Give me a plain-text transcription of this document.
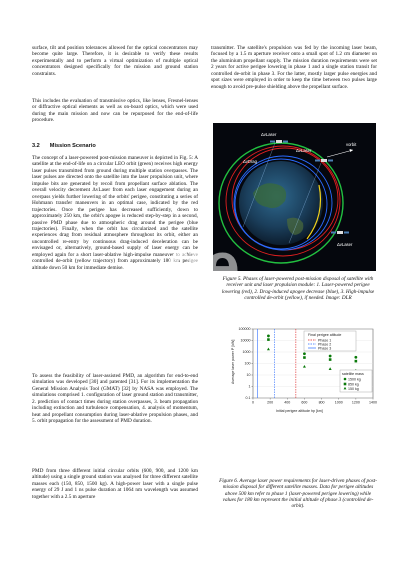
surface, tilt and position tolerances allowed for the optical concentrators may become quite large. Therefore, it is desirable to verify these results experimentally and to perform a virtual optimization of multiple optical concentrators designed specifically for the mission and ground station constraints.

This includes the evaluation of transmissive optics, like lenses, Fresnel-lenses or diffractive optical elements as well as on-board optics, which were used during the main mission and now can be repurposed for the end-of-life procedure.

The concept of a laser-powered post-mission maneuver is depicted in Fig. 5: A satellite at the end-of-life on a circular LEO orbit (green) receives high energy laser pulses transmitted from ground during multiple station overpasses. The laser pulses are directed onto the satellite into the laser propulsion unit, where impulse bits are generated by recoil from propellant surface ablation. The overall velocity decrement ΔvLaser from each laser engagement during an overpass yields further lowering of the orbits' perigee, constituting a series of Hohmann transfer maneuvers in an optimal case, indicated by the red trajectories. Once the perigee has decreased sufficiently, down to approximately 250 km, the orbit's apogee is reduced step-by-step in a second, passive PMD phase due to atmospheric drag around the perigee (blue trajectories). Finally, when the orbit has circularized and the satellite experiences drag from residual atmosphere throughout its orbit, either an uncontrolled re-entry by continuous drag-induced deceleration can be envisaged or, alternatively, ground-based supply of laser energy can be employed again for a short laser-ablative high-impulse maneuver to achieve controlled de-orbit (yellow trajectory) from approximately 180 km perigee altitude down 50 km for immediate demise.

To assess the feasibility of laser-assisted PMD, an algorithm for end-to-end simulation was developed [30] and patented [31]. For its implementation the General Mission Analysis Tool (GMAT) [32] by NASA was employed. The simulations comprised 1. configuration of laser ground station and transmitter, 2. prediction of contact times during station overpasses, 3. beam propagation including extinction and turbulence compensation, 4. analysis of momentum, heat and propellant consumption during laser-ablative propulsion phases, and 5. orbit propagation for the assessment of PMD duration.

PMD from three different initial circular orbits (600, 900, and 1200 km altitude) using a single ground station was analysed for three different satellite masses each (150, 850, 1500 kg). A high-power laser with a single pulse energy of 29 J and 1 ns pulse duration at 1064 nm wavelength was assumed together with a 2.5 m aperture

3.2 Mission Scenario

transmitter. The satellite's propulsion was fed by the incoming laser beam, focused by a 1.5 m aperture receiver onto a small spot of 1.2 cm diameter on the aluminium propellant supply. The mission duration requirements were set 2 years for active perigee lowering in phase 1 and a single station transit for controlled de-orbit in phase 3. For the latter, mostly larger pulse energies and spot sizes were employed in order to keep the time between two pulses large enough to avoid pre-pulse shielding above the propellant surface.

ΔvLaser
vorbit
ΔvLaser
ΔvDrag
ΔvLaser
ge
Figure 5. Phases of laser-powered post-mission disposal of satellite with receiver unit and laser propulsion module: 1. Laser-powered perigee lowering (red), 2. Drag-induced apogee decrease (blue), 3. High-impulse controlled de-orbit (yellow), if needed. Image: DLR
Average laser power P [kW]
Initial perigee altitude hp [km]
0	200	400	600	800	1000	1200	1400
0.1
1
10
100
1000
10000
100000
Final perigee altitude
Phase 1
Phase 2
Phase 3
satellite mass
1500 kg
850 kg
150 kg
Figure 6. Average laser power requirements for laser-driven phases of post-mission disposal for different satellite masses. Data for perigee altitudes above 500 km refer to phase 1 (laser-powered perigee lowering) while values for 180 km represent the initial altitude of phase 3 (controlled de-orbit).
